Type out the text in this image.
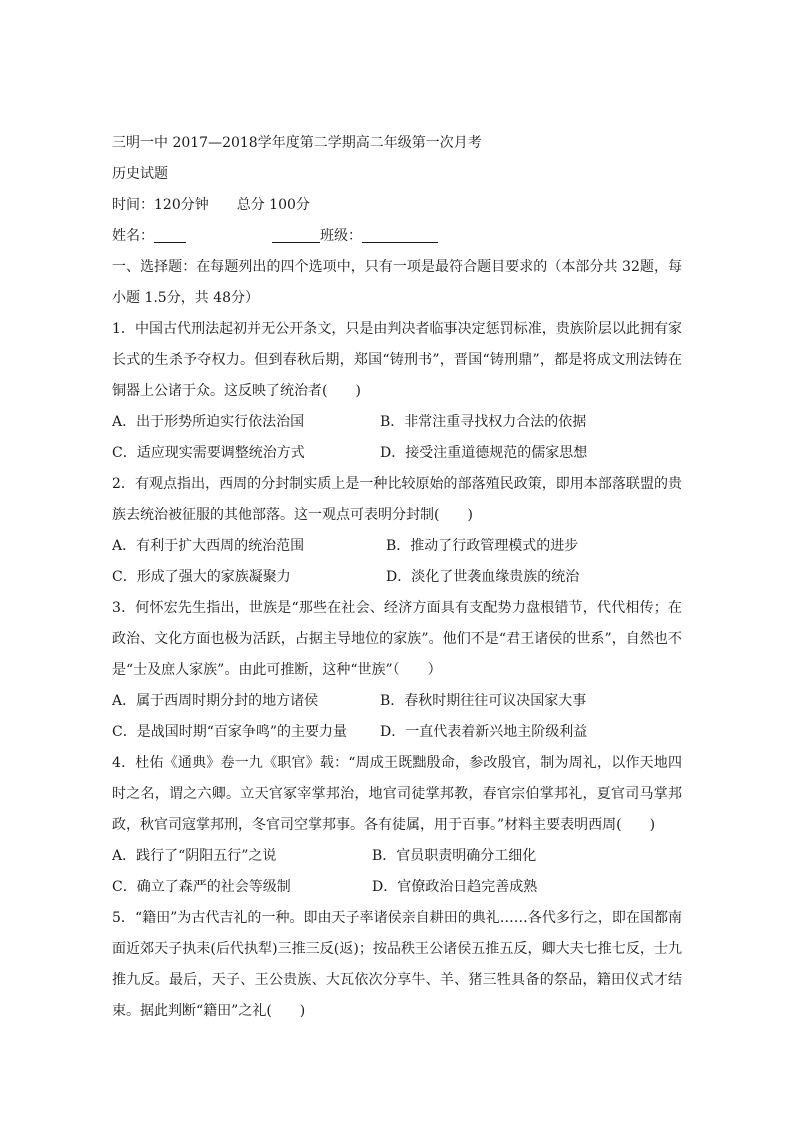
三明一中 2017—2018学年度第二学期高二年级第一次月考

历史试题

时间：120分钟 总分 100分

姓名：	班级：

一、选择题：在每题列出的四个选项中，只有一项是最符合题目要求的（本部分共 32题，每小题 1.5分，共 48分）

1．中国古代刑法起初并无公开条文，只是由判决者临事决定惩罚标准，贵族阶层以此拥有家长式的生杀予夺权力。但到春秋后期，郑国“铸刑书”，晋国“铸刑鼎”，都是将成文刑法铸在铜器上公诸于众。这反映了统治者(　　)

A．出于形势所迫实行依法治国	B．非常注重寻找权力合法的依据
C．适应现实需要调整统治方式	D．接受注重道德规范的儒家思想

2．有观点指出，西周的分封制实质上是一种比较原始的部落殖民政策，即用本部落联盟的贵族去统治被征服的其他部落。这一观点可表明分封制(　　)

A．有利于扩大西周的统治范围	B．推动了行政管理模式的进步
C．形成了强大的家族凝聚力	D．淡化了世袭血缘贵族的统治

3．何怀宏先生指出，世族是“那些在社会、经济方面具有支配势力盘根错节，代代相传；在政治、文化方面也极为活跃，占据主导地位的家族”。他们不是“君王诸侯的世系”，自然也不是“士及庶人家族”。由此可推断，这种“世族”（　　）

A．属于西周时期分封的地方诸侯	B．春秋时期往往可议决国家大事
C．是战国时期“百家争鸣”的主要力量 D．一直代表着新兴地主阶级利益

4．杜佑《通典》卷一九《职官》载：“周成王既黜殷命，参改殷官，制为周礼，以作天地四时之名，谓之六卿。立天官冢宰掌邦治，地官司徒掌邦教，春官宗伯掌邦礼，夏官司马掌邦政，秋官司寇掌邦刑，冬官司空掌邦事。各有徒属，用于百事。”材料主要表明西周(　　)

A．践行了“阴阳五行”之说	B．官员职责明确分工细化
C．确立了森严的社会等级制	D．官僚政治日趋完善成熟

5．“籍田”为古代吉礼的一种。即由天子率诸侯亲自耕田的典礼……各代多行之，即在国都南面近郊天子执耒(后代执犁)三推三反(返)；按品秩王公诸侯五推五反，卿大夫七推七反，士九推九反。最后，天子、王公贵族、大瓦依次分享牛、羊、猪三牲具备的祭品，籍田仪式才结束。据此判断“籍田”之礼(　　)
